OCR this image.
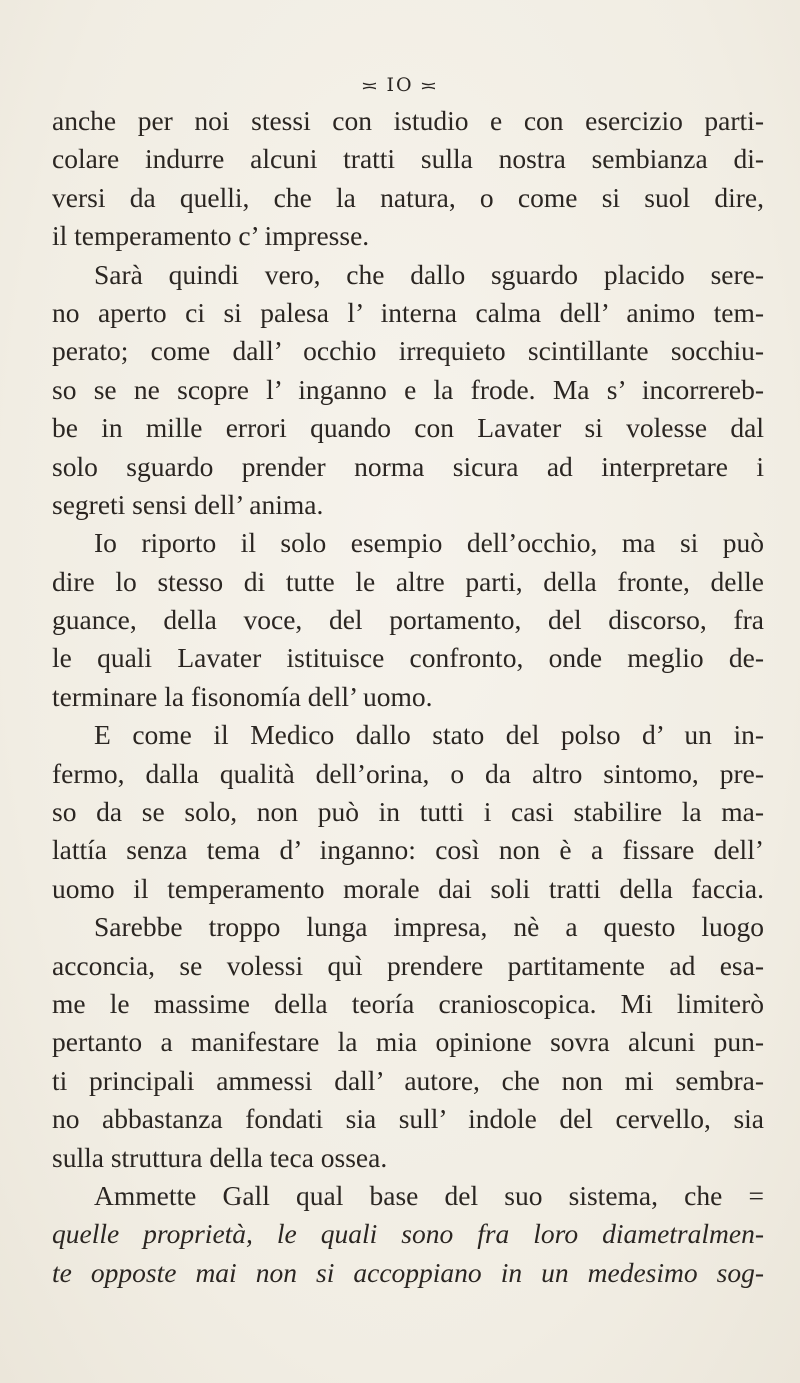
≍ IO ≍
anche per noi stessi con istudio e con esercizio parti-
colare indurre alcuni tratti sulla nostra sembianza di-
versi da quelli, che la natura, o come si suol dire,
il temperamento c’ impresse.
Sarà quindi vero, che dallo sguardo placido sere-
no aperto ci si palesa l’ interna calma dell’ animo tem-
perato; come dall’ occhio irrequieto scintillante socchiu-
so se ne scopre l’ inganno e la frode. Ma s’ incorrereb-
be in mille errori quando con Lavater si volesse dal
solo sguardo prender norma sicura ad interpretare i
segreti sensi dell’ anima.
Io riporto il solo esempio dell’occhio, ma si può
dire lo stesso di tutte le altre parti, della fronte, delle
guance, della voce, del portamento, del discorso, fra
le quali Lavater istituisce confronto, onde meglio de-
terminare la fisonomía dell’ uomo.
E come il Medico dallo stato del polso d’ un in-
fermo, dalla qualità dell’orina, o da altro sintomo, pre-
so da se solo, non può in tutti i casi stabilire la ma-
lattía senza tema d’ inganno: così non è a fissare dell’
uomo il temperamento morale dai soli tratti della faccia.
Sarebbe troppo lunga impresa, nè a questo luogo
acconcia, se volessi quì prendere partitamente ad esa-
me le massime della teoría cranioscopica. Mi limiterò
pertanto a manifestare la mia opinione sovra alcuni pun-
ti principali ammessi dall’ autore, che non mi sembra-
no abbastanza fondati sia sull’ indole del cervello, sia
sulla struttura della teca ossea.
Ammette Gall qual base del suo sistema, che =
quelle proprietà, le quali sono fra loro diametralmen-
te opposte mai non si accoppiano in un medesimo sog-
